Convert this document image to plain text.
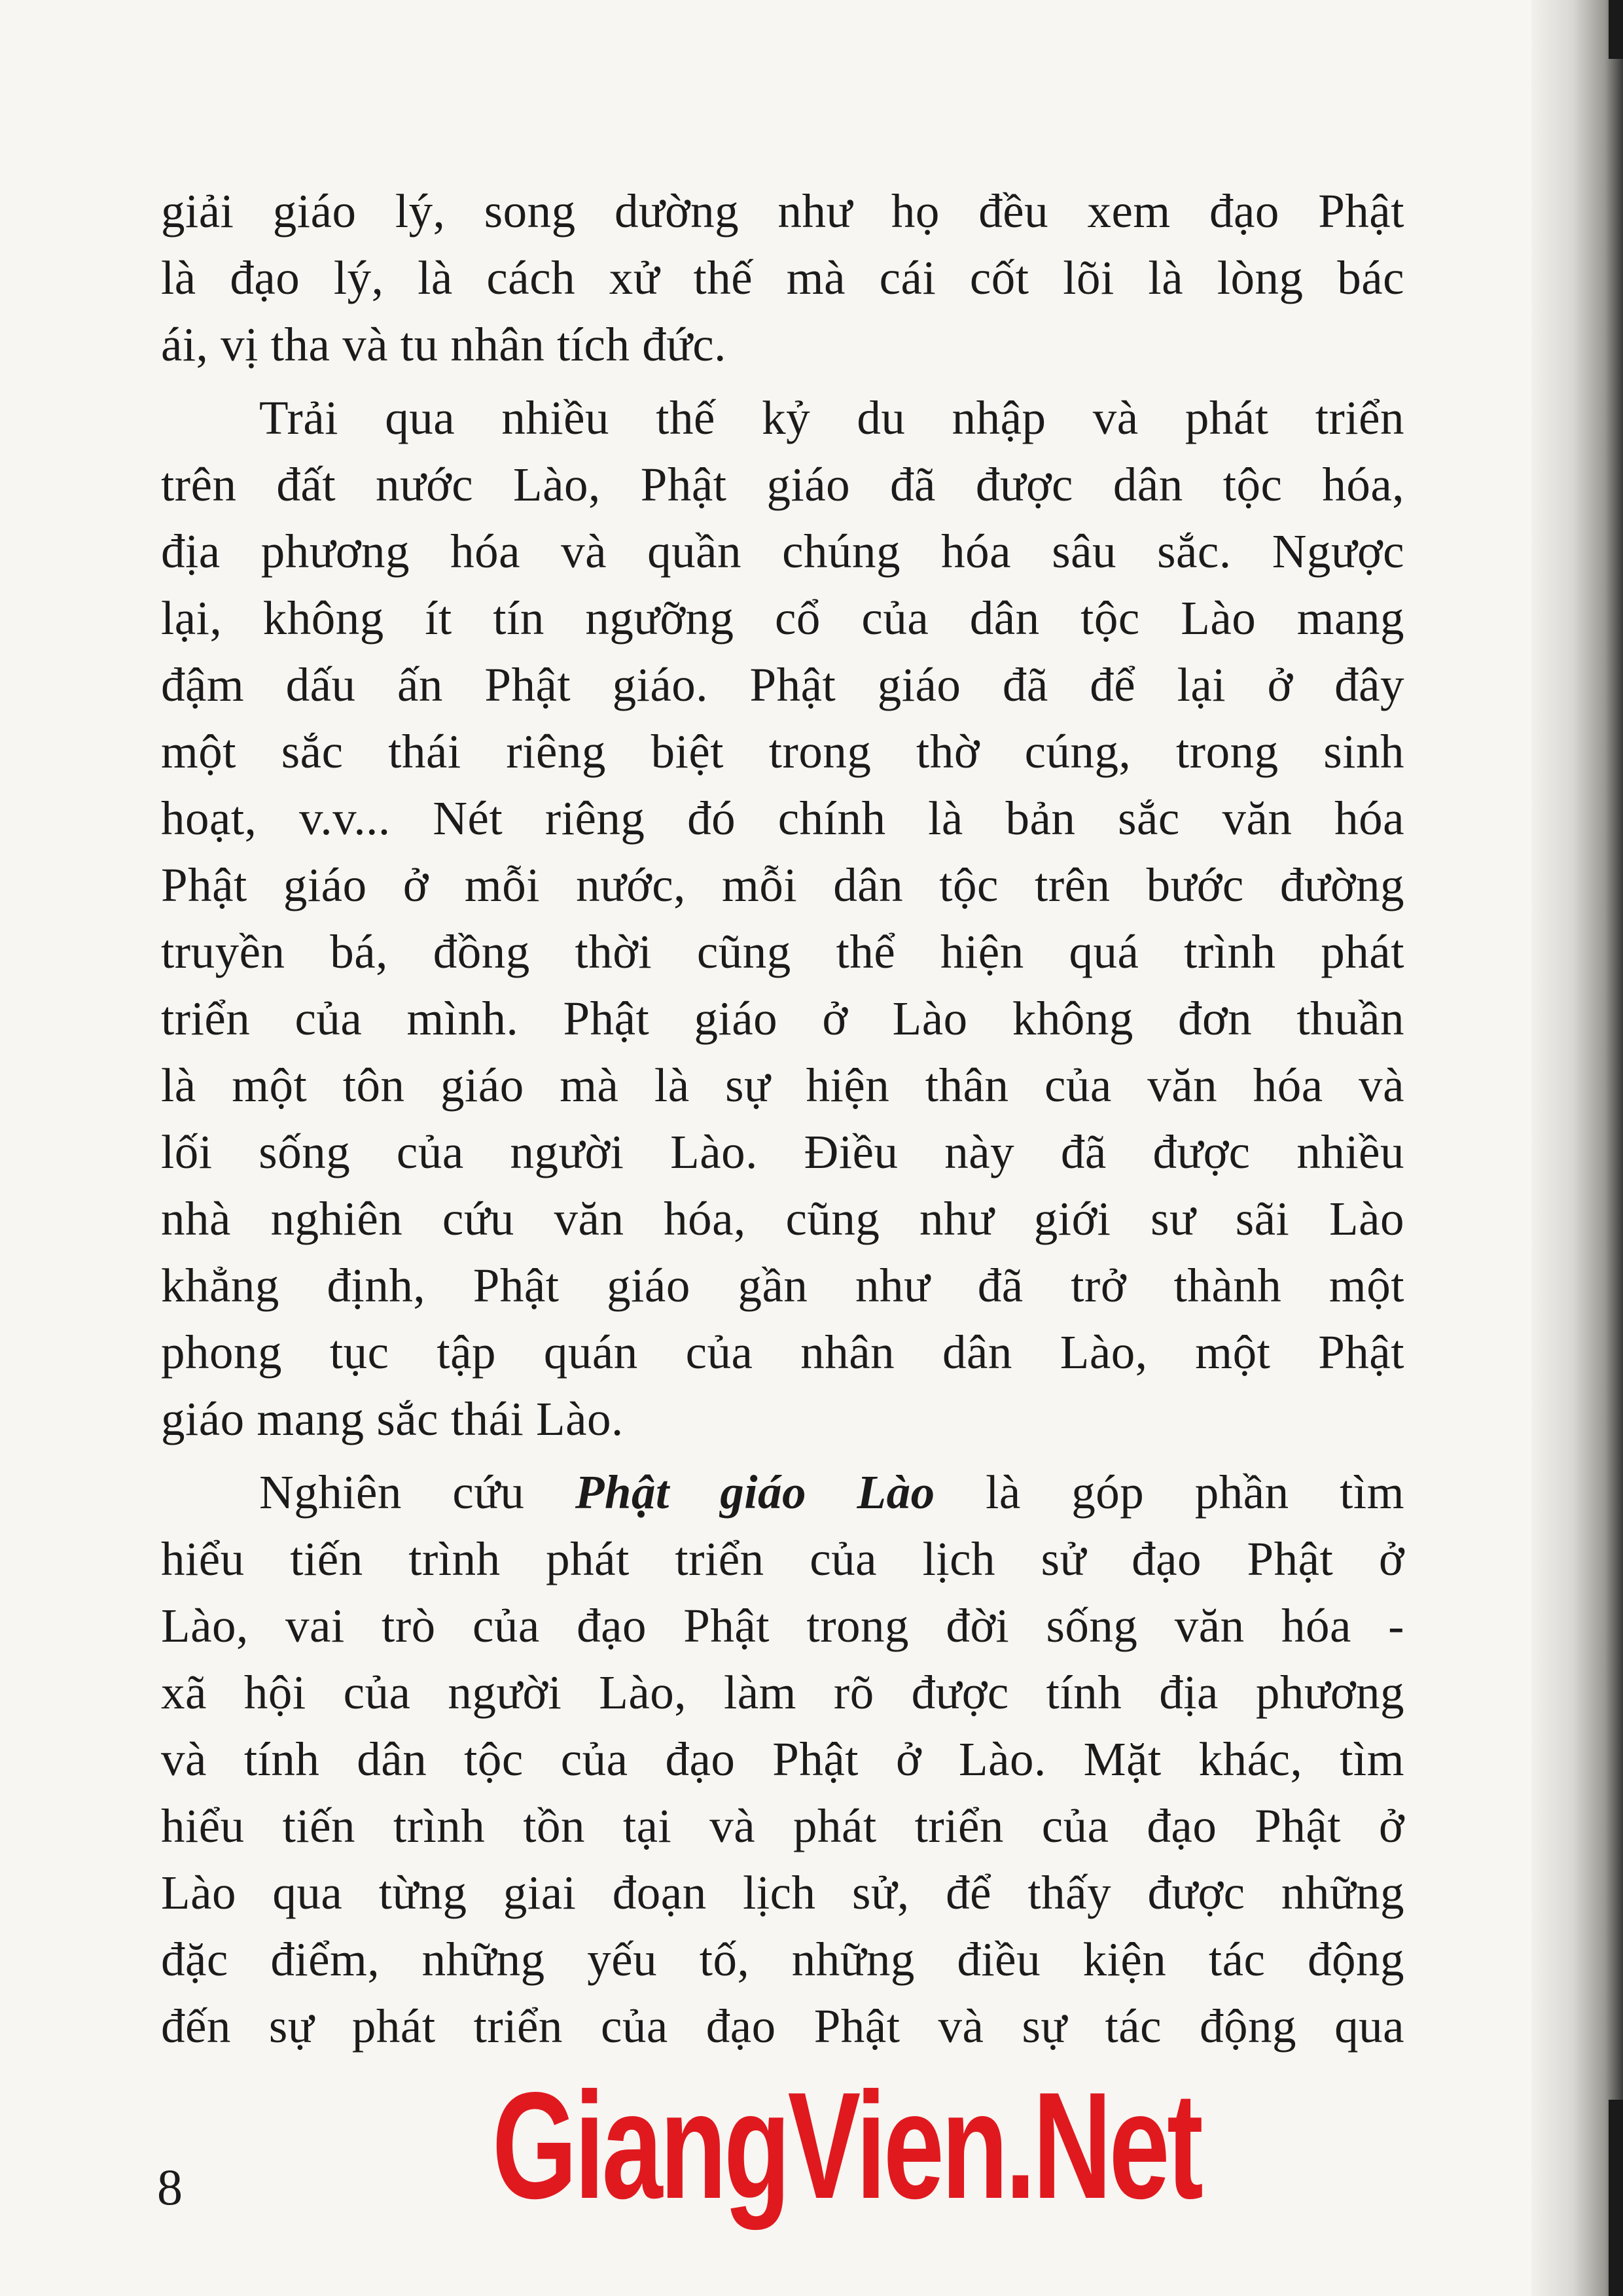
giải giáo lý, song dường như họ đều xem đạo Phật
là đạo lý, là cách xử thế mà cái cốt lõi là lòng bác
ái, vị tha và tu nhân tích đức.
Trải qua nhiều thế kỷ du nhập và phát triển
trên đất nước Lào, Phật giáo đã được dân tộc hóa,
địa phương hóa và quần chúng hóa sâu sắc. Ngược
lại, không ít tín ngưỡng cổ của dân tộc Lào mang
đậm dấu ấn Phật giáo. Phật giáo đã để lại ở đây
một sắc thái riêng biệt trong thờ cúng, trong sinh
hoạt, v.v... Nét riêng đó chính là bản sắc văn hóa
Phật giáo ở mỗi nước, mỗi dân tộc trên bước đường
truyền bá, đồng thời cũng thể hiện quá trình phát
triển của mình. Phật giáo ở Lào không đơn thuần
là một tôn giáo mà là sự hiện thân của văn hóa và
lối sống của người Lào. Điều này đã được nhiều
nhà nghiên cứu văn hóa, cũng như giới sư sãi Lào
khẳng định, Phật giáo gần như đã trở thành một
phong tục tập quán của nhân dân Lào, một Phật
giáo mang sắc thái Lào.
Nghiên cứu Phật giáo Lào là góp phần tìm
hiểu tiến trình phát triển của lịch sử đạo Phật ở
Lào, vai trò của đạo Phật trong đời sống văn hóa -
xã hội của người Lào, làm rõ được tính địa phương
và tính dân tộc của đạo Phật ở Lào. Mặt khác, tìm
hiểu tiến trình tồn tại và phát triển của đạo Phật ở
Lào qua từng giai đoạn lịch sử, để thấy được những
đặc điểm, những yếu tố, những điều kiện tác động
đến sự phát triển của đạo Phật và sự tác động qua
GiangVien.Net
8
